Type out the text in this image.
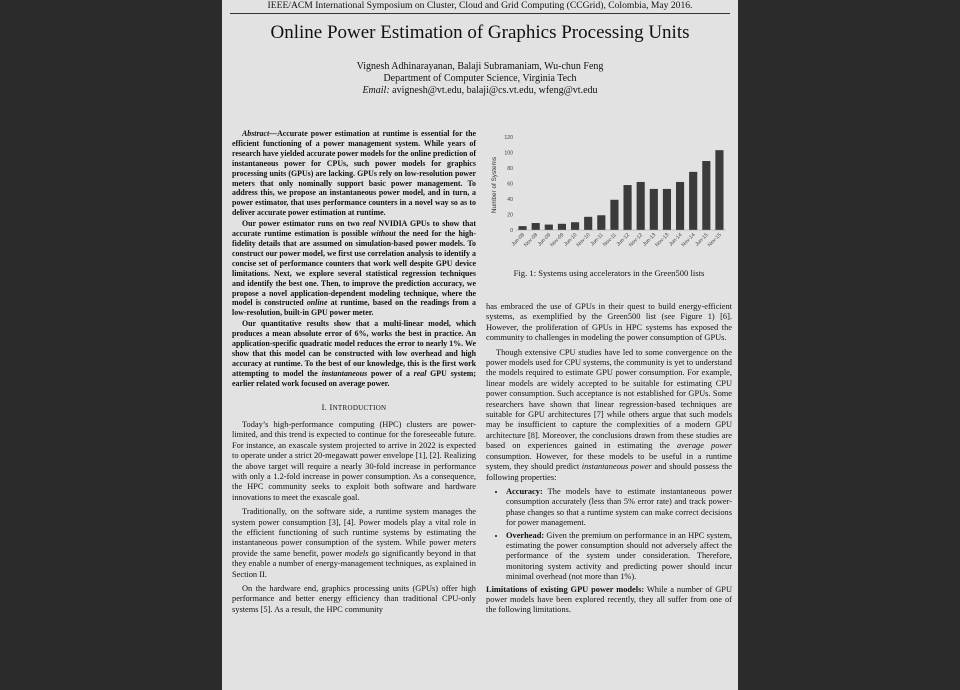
IEEE/ACM International Symposium on Cluster, Cloud and Grid Computing (CCGrid), Colombia, May 2016.
Online Power Estimation of Graphics Processing Units
Vignesh Adhinarayanan, Balaji Subramaniam, Wu-chun Feng
Department of Computer Science, Virginia Tech
Email: avignesh@vt.edu, balaji@cs.vt.edu, wfeng@vt.edu

Abstract—Accurate power estimation at runtime is essential for the efficient functioning of a power management system. While years of research have yielded accurate power models for the online prediction of instantaneous power for CPUs, such power models for graphics processing units (GPUs) are lacking. GPUs rely on low-resolution power meters that only nominally support basic power management. To address this, we propose an instantaneous power model, and in turn, a power estimator, that uses performance counters in a novel way so as to deliver accurate power estimation at runtime.

Our power estimator runs on two real NVIDIA GPUs to show that accurate runtime estimation is possible without the need for the high-fidelity details that are assumed on simulation-based power models. To construct our power model, we first use correlation analysis to identify a concise set of performance counters that work well despite GPU device limitations. Next, we explore several statistical regression techniques and identify the best one. Then, to improve the prediction accuracy, we propose a novel application-dependent modeling technique, where the model is constructed online at runtime, based on the readings from a low-resolution, built-in GPU power meter.

Our quantitative results show that a multi-linear model, which produces a mean absolute error of 6%, works the best in practice. An application-specific quadratic model reduces the error to nearly 1%. We show that this model can be constructed with low overhead and high accuracy at runtime. To the best of our knowledge, this is the first work attempting to model the instantaneous power of a real GPU system; earlier related work focused on average power.

I. INTRODUCTION

Today’s high-performance computing (HPC) clusters are power-limited, and this trend is expected to continue for the foreseeable future. For instance, an exascale system projected to arrive in 2022 is expected to operate under a strict 20-megawatt power envelope [1], [2]. Realizing the above target will require a nearly 30-fold increase in performance with only a 1.2-fold increase in power consumption. As a consequence, the HPC community seeks to exploit both software and hardware innovations to meet the exascale goal.

Traditionally, on the software side, a runtime system manages the system power consumption [3], [4]. Power models play a vital role in the efficient functioning of such runtime systems by estimating the instantaneous power consumption of the system. While power meters provide the same benefit, power models go significantly beyond in that they enable a number of energy-management techniques, as explained in Section II.

On the hardware end, graphics processing units (GPUs) offer high performance and better energy efficiency than traditional CPU-only systems [5]. As a result, the HPC community

0
20
40
60
80
100
120
Jun-08
Nov-08
Jun-09
Nov-09
Jun-10
Nov-10
Jun-11
Nov-11
Jun-12
Nov-12
Jun-13
Nov-13
Jun-14
Nov-14
Jun-15
Nov-15
Number of Systems
Fig. 1: Systems using accelerators in the Green500 lists

has embraced the use of GPUs in their quest to build energy-efficient systems, as exemplified by the Green500 list (see Figure 1) [6]. However, the proliferation of GPUs in HPC systems has exposed the community to challenges in modeling the power consumption of GPUs.

Though extensive CPU studies have led to some convergence on the power models used for CPU systems, the community is yet to understand the models required to estimate GPU power consumption. For example, linear models are widely accepted to be suitable for estimating CPU power consumption. Such acceptance is not established for GPUs. Some researchers have shown that linear regression-based techniques are suitable for GPU architectures [7] while others argue that such models may be insufficient to capture the complexities of a modern GPU architecture [8]. Moreover, the conclusions drawn from these studies are based on experiences gained in estimating the average power consumption. However, for these models to be useful in a runtime system, they should predict instantaneous power and should possess the following properties:

• Accuracy: The models have to estimate instantaneous power consumption accurately (less than 5% error rate) and track power-phase changes so that a runtime system can make correct decisions for power management.
• Overhead: Given the premium on performance in an HPC system, estimating the power consumption should not adversely affect the performance of the system under consideration. Therefore, monitoring system activity and predicting power should incur minimal overhead (not more than 1%).

Limitations of existing GPU power models: While a number of GPU power models have been explored recently, they all suffer from one of the following limitations.
